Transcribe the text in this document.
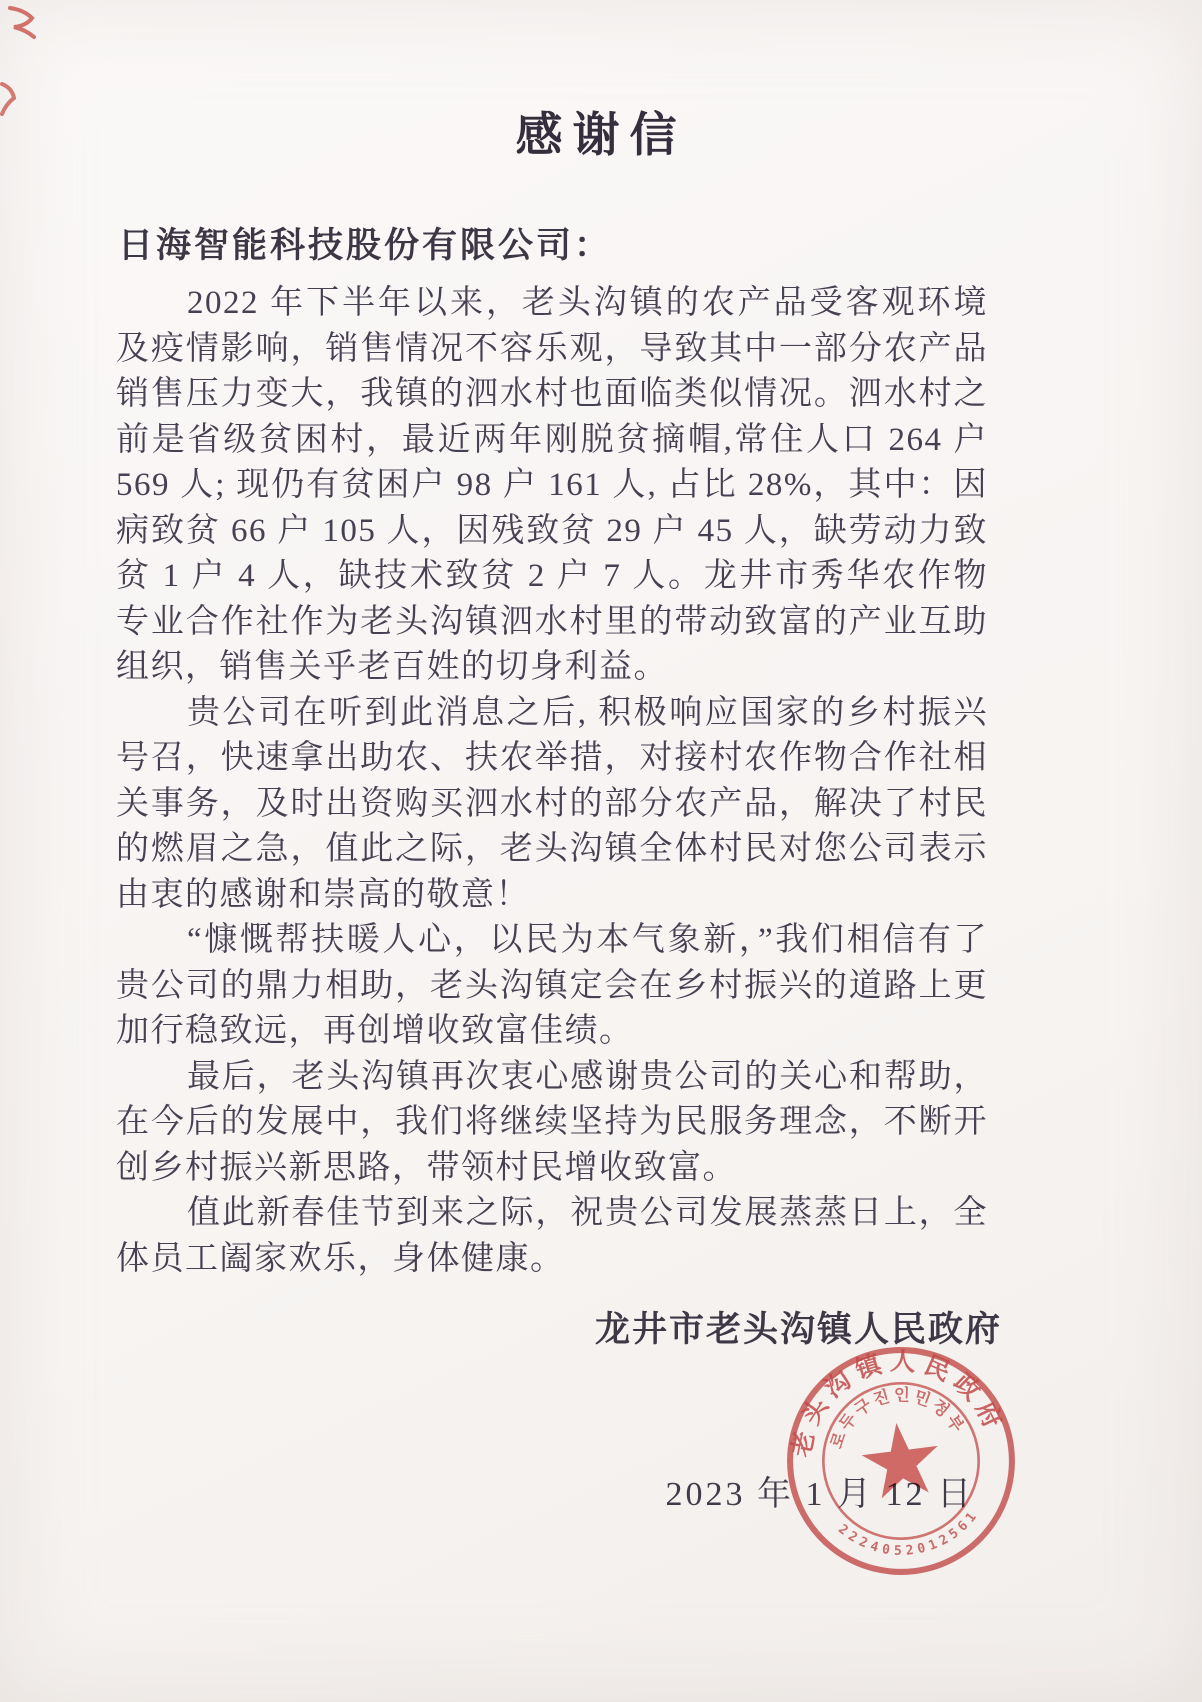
感谢信
日海智能科技股份有限公司：

2022 年下半年以来，老头沟镇的农产品受客观环境及疫情影响，销售情况不容乐观，导致其中一部分农产品销售压力变大，我镇的泗水村也面临类似情况。泗水村之前是省级贫困村，最近两年刚脱贫摘帽,常住人口 264 户 569 人; 现仍有贫困户 98 户 161 人, 占比 28%，其中：因病致贫 66 户 105 人，因残致贫 29 户 45 人，缺劳动力致贫 1 户 4 人，缺技术致贫 2 户 7 人。龙井市秀华农作物专业合作社作为老头沟镇泗水村里的带动致富的产业互助组织，销售关乎老百姓的切身利益。

贵公司在听到此消息之后, 积极响应国家的乡村振兴号召，快速拿出助农、扶农举措，对接村农作物合作社相关事务，及时出资购买泗水村的部分农产品，解决了村民的燃眉之急，值此之际，老头沟镇全体村民对您公司表示由衷的感谢和崇高的敬意！

“慷慨帮扶暖人心，以民为本气象新，”我们相信有了贵公司的鼎力相助，老头沟镇定会在乡村振兴的道路上更加行稳致远，再创增收致富佳绩。

最后，老头沟镇再次衷心感谢贵公司的关心和帮助，在今后的发展中，我们将继续坚持为民服务理念，不断开创乡村振兴新思路，带领村民增收致富。

值此新春佳节到来之际，祝贵公司发展蒸蒸日上，全体员工阖家欢乐，身体健康。

龙井市老头沟镇人民政府
2023 年 1 月 12 日
老头沟镇人民政府
로두구진인민정부
2224052012561
